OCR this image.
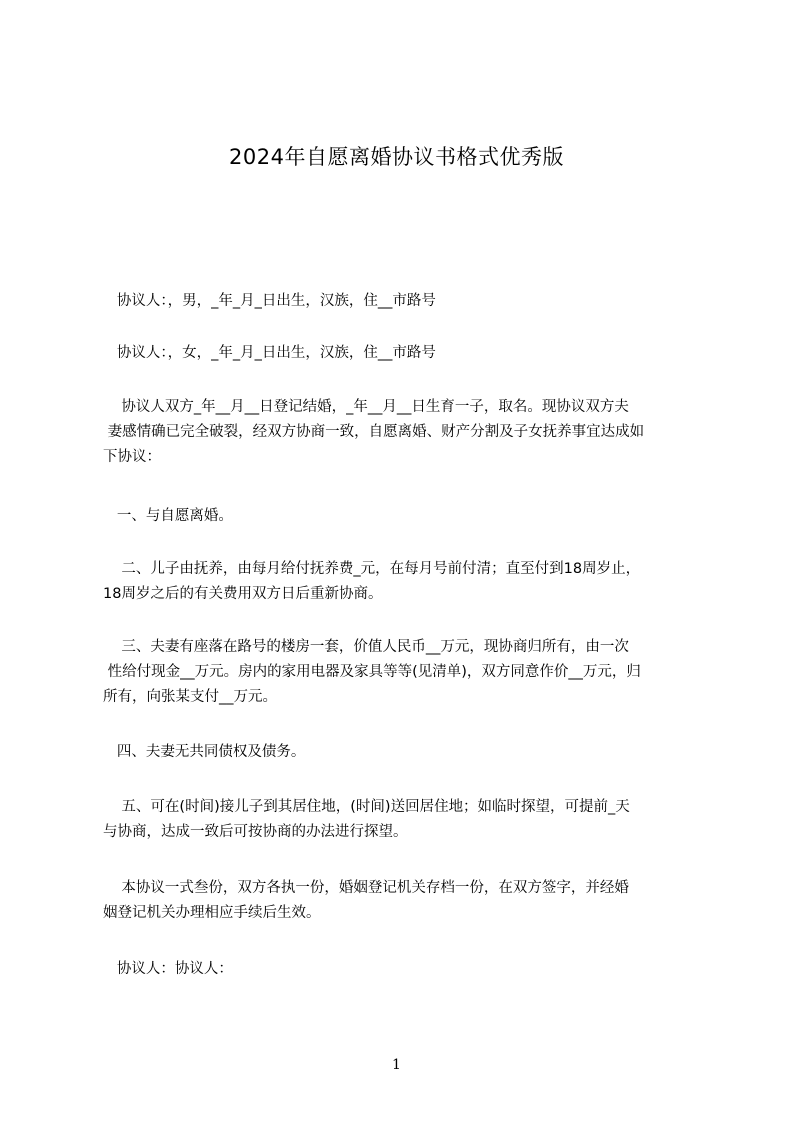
2024年自愿离婚协议书格式优秀版
协议人：，男，_年_月_日出生，汉族，住__市路号
协议人：，女，_年_月_日出生，汉族，住__市路号
协议人双方_年__月__日登记结婚，_年__月__日生育一子，取名。现协议双方夫
妻感情确已完全破裂，经双方协商一致，自愿离婚、财产分割及子女抚养事宜达成如
下协议：
一、与自愿离婚。
二、儿子由抚养，由每月给付抚养费_元，在每月号前付清；直至付到18周岁止，
18周岁之后的有关费用双方日后重新协商。
三、夫妻有座落在路号的楼房一套，价值人民币__万元，现协商归所有，由一次
性给付现金__万元。房内的家用电器及家具等等(见清单)，双方同意作价__万元，归
所有，向张某支付__万元。
四、夫妻无共同债权及债务。
五、可在(时间)接儿子到其居住地，(时间)送回居住地；如临时探望，可提前_天
与协商，达成一致后可按协商的办法进行探望。
本协议一式叁份，双方各执一份，婚姻登记机关存档一份，在双方签字，并经婚
姻登记机关办理相应手续后生效。
协议人：协议人：
1
